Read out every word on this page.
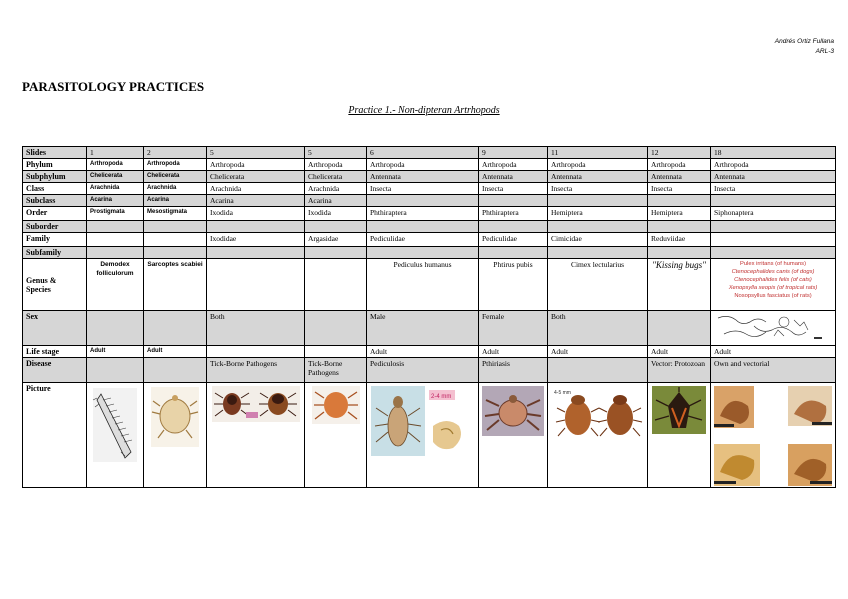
Andrés Ortiz Fullana
ARL-3
PARASITOLOGY PRACTICES
Practice 1.- Non-dipteran Artrhopods
Slides	1	2	5	5	6	9	11	12	18
Phylum	Arthropoda	Arthropoda	Arthropoda	Arthropoda	Arthropoda	Arthropoda	Arthropoda	Arthropoda	Arthropoda
Subphylum	Chelicerata	Chelicerata	Chelicerata	Chelicerata	Antennata	Antennata	Antennata	Antennata	Antennata
Class	Arachnida	Arachnida	Arachnida	Arachnida	Insecta	Insecta	Insecta	Insecta	Insecta
Subclass	Acarina	Acarina	Acarina	Acarina					
Order	Prostigmata	Mesostigmata	Ixodida	Ixodida	Phthiraptera	Phthiraptera	Hemiptera	Hemiptera	Siphonaptera
Suborder									
Family			Ixodidae	Argasidae	Pediculidae	Pediculidae	Cimicidae	Reduviidae	
Subfamily									
Genus & Species	Demodex folliculorum	Sarcoptes scabiei			Pediculus humanus	Phtirus pubis	Cimex lectularius	"Kissing bugs"	Pulex irritans (of humans)
Ctenocephalides canis (of dogs)
Ctenocephalides felis (of cats)
Xenopsylla xeopis (of tropical rats)
Nosopsyllus fasciatus (of rats)

Sex			Both		Male	Female	Both		
Life stage	Adult	Adult			Adult	Adult	Adult	Adult	Adult
Disease			Tick-Borne Pathogens	Tick-Borne Pathogens	Pediculosis	Pthiriasis		Vector: Protozoan	Own and vectorial
Picture					2-4 mm		4-5 mm
